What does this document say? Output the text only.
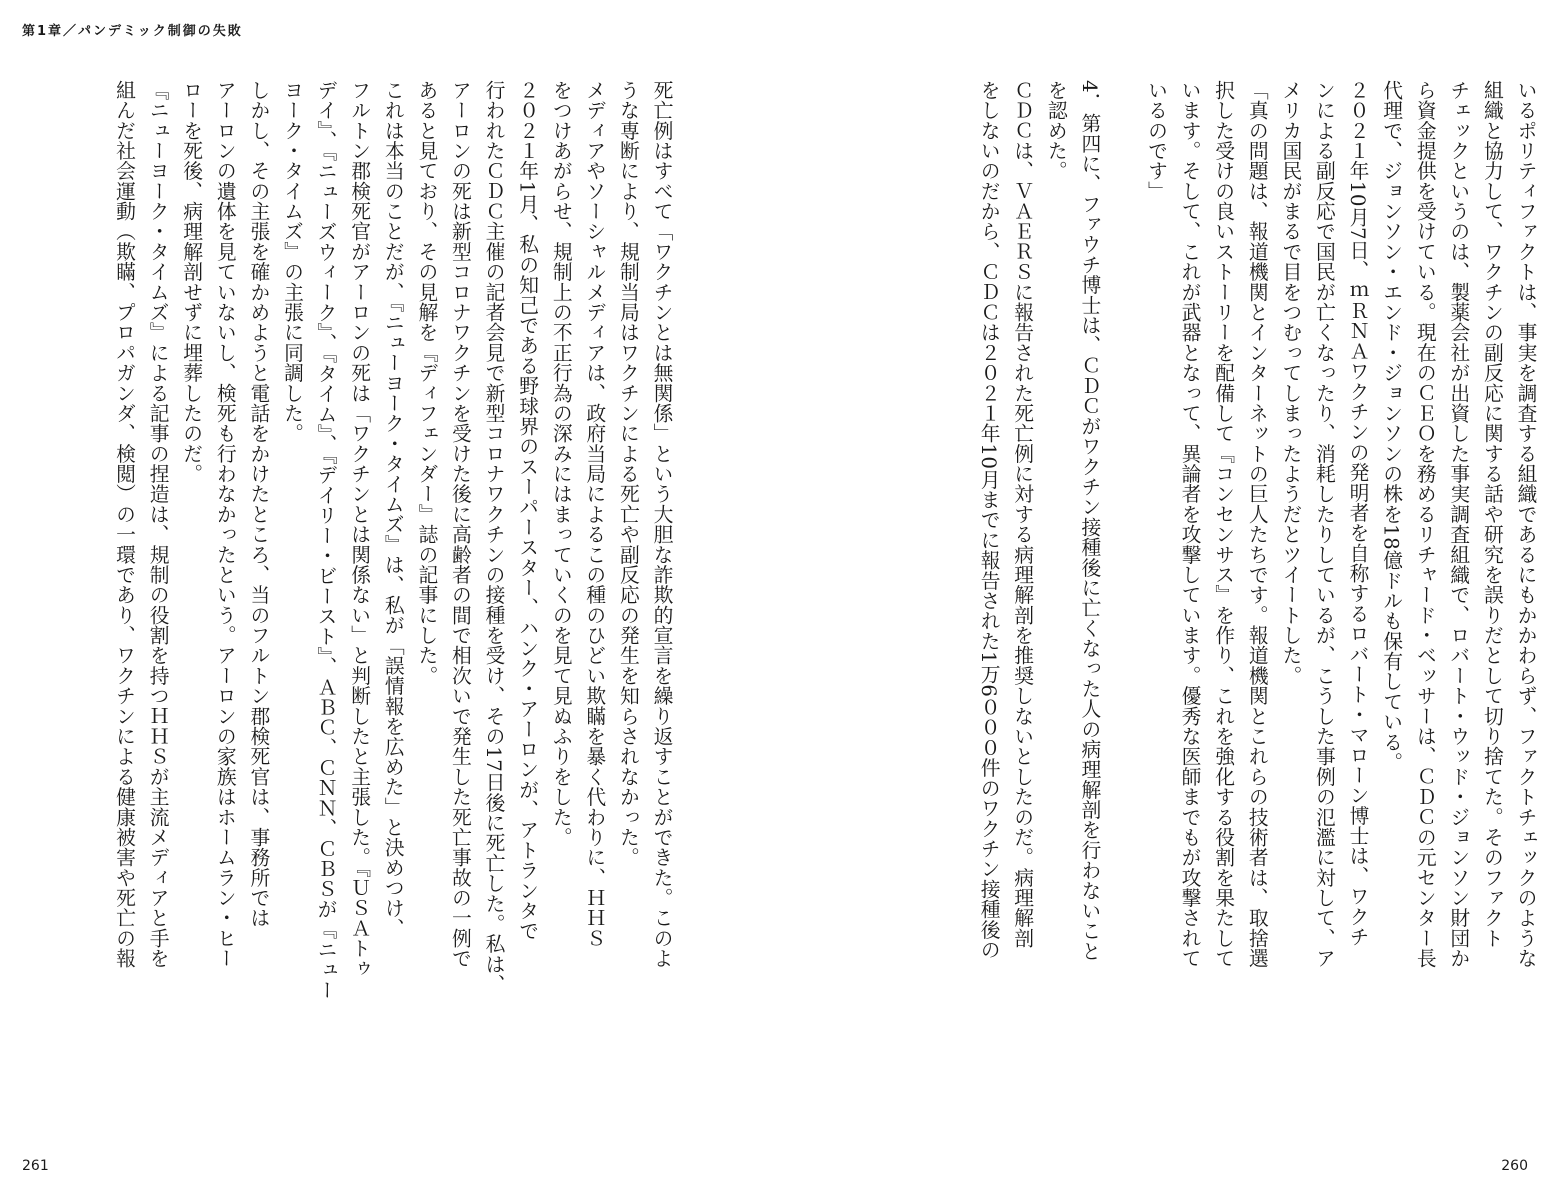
第1章／パンデミック制御の失敗
いるポリティファクトは、事実を調査する組織であるにもかかわらず、ファクトチェックのような
組織と協力して、ワクチンの副反応に関する話や研究を誤りだとして切り捨てた。そのファクト
チェックというのは、製薬会社が出資した事実調査組織で、ロバート・ウッド・ジョンソン財団か
ら資金提供を受けている。現在のＣＥＯを務めるリチャード・ベッサーは、ＣＤＣの元センター長
代理で、ジョンソン・エンド・ジョンソンの株を18億ドルも保有している。
２０２１年10月7日、ｍＲＮＡワクチンの発明者を自称するロバート・マローン博士は、ワクチ
ンによる副反応で国民が亡くなったり、消耗したりしているが、こうした事例の氾濫に対して、ア
メリカ国民がまるで目をつむってしまったようだとツイートした。
「真の問題は、報道機関とインターネットの巨人たちです。報道機関とこれらの技術者は、取捨選
択した受けの良いストーリーを配備して『コンセンサス』を作り、これを強化する役割を果たして
います。そして、これが武器となって、異論者を攻撃しています。優秀な医師までもが攻撃されて
いるのです」
4．第四に、ファウチ博士は、ＣＤＣがワクチン接種後に亡くなった人の病理解剖を行わないこと
を認めた。
ＣＤＣは、ＶＡＥＲＳに報告された死亡例に対する病理解剖を推奨しないとしたのだ。病理解剖
をしないのだから、ＣＤＣは２０２１年10月までに報告された1万6０００件のワクチン接種後の
死亡例はすべて「ワクチンとは無関係」という大胆な詐欺的宣言を繰り返すことができた。このよ
うな専断により、規制当局はワクチンによる死亡や副反応の発生を知らされなかった。
メディアやソーシャルメディアは、政府当局によるこの種のひどい欺瞞を暴く代わりに、ＨＨＳ
をつけあがらせ、規制上の不正行為の深みにはまっていくのを見て見ぬふりをした。
２０２１年1月、私の知己である野球界のスーパースター、ハンク・アーロンが、アトランタで
行われたＣＤＣ主催の記者会見で新型コロナワクチンの接種を受け、その17日後に死亡した。私は、
アーロンの死は新型コロナワクチンを受けた後に高齢者の間で相次いで発生した死亡事故の一例で
あると見ており、その見解を『ディフェンダー』誌の記事にした。
これは本当のことだが、『ニューヨーク・タイムズ』は、私が「誤情報を広めた」と決めつけ、
フルトン郡検死官がアーロンの死は「ワクチンとは関係ない」と判断したと主張した。『ＵＳＡトゥ
デイ』、『ニューズウィーク』、『タイム』、『デイリー・ビースト』、ＡＢＣ、ＣＮＮ、ＣＢＳが『ニュー
ヨーク・タイムズ』の主張に同調した。
しかし、その主張を確かめようと電話をかけたところ、当のフルトン郡検死官は、事務所では
アーロンの遺体を見ていないし、検死も行わなかったという。アーロンの家族はホームラン・ヒー
ローを死後、病理解剖せずに埋葬したのだ。
『ニューヨーク・タイムズ』による記事の捏造は、規制の役割を持つＨＨＳが主流メディアと手を
組んだ社会運動（欺瞞、プロパガンダ、検閲）の一環であり、ワクチンによる健康被害や死亡の報
261	260
